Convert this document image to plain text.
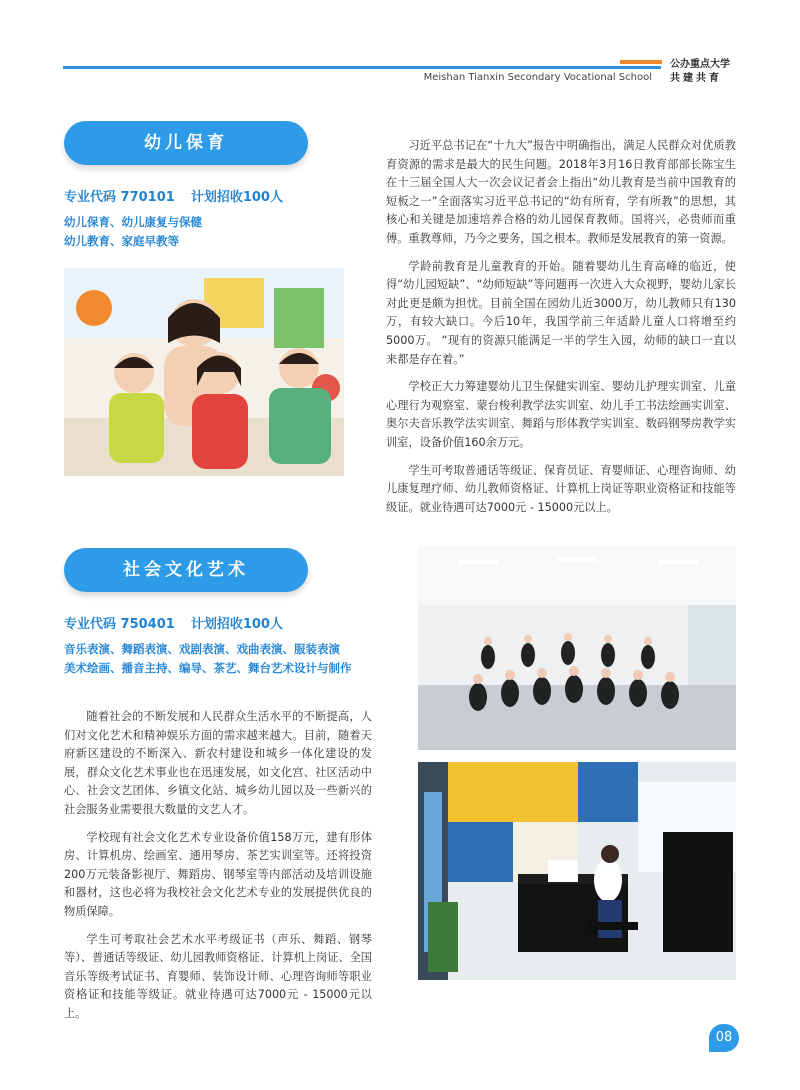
Meishan Tianxin Secondary Vocational School
公办重点大学
共建共育
幼儿保育
专业代码 770101 计划招收100人
幼儿保育、幼儿康复与保健
幼儿教育、家庭早教等

习近平总书记在“十九大”报告中明确指出，满足人民群众对优质教育资源的需求是最大的民生问题。2018年3月16日教育部部长陈宝生在十三届全国人大一次会议记者会上指出“幼儿教育是当前中国教育的短板之一”全面落实习近平总书记的“幼有所育，学有所教”的思想，其核心和关键是加速培养合格的幼儿园保育教师。国将兴，必贵师而重傅。重教尊师，乃今之要务，国之根本。教师是发展教育的第一资源。

学龄前教育是儿童教育的开始。随着婴幼儿生育高峰的临近，使得“幼儿园短缺”、“幼师短缺”等问题再一次进入大众视野，婴幼儿家长对此更是颇为担忧。目前全国在园幼儿近3000万，幼儿教师只有130万，有较大缺口。今后10年，我国学前三年适龄儿童人口将增至约5000万。 “现有的资源只能满足一半的学生入园，幼师的缺口一直以来都是存在着。”

学校正大力筹建婴幼儿卫生保健实训室、婴幼儿护理实训室、儿童心理行为观察室、蒙台梭利教学法实训室、幼儿手工书法绘画实训室、奥尔夫音乐教学法实训室、舞蹈与形体教学实训室、数码钢琴房教学实训室，设备价值160余万元。

学生可考取普通话等级证、保育员证、育婴师证、心理咨询师、幼儿康复理疗师、幼儿教师资格证、计算机上岗证等职业资格证和技能等级证。就业待遇可达7000元 - 15000元以上。

社会文化艺术
专业代码 750401 计划招收100人
音乐表演、舞蹈表演、戏剧表演、戏曲表演、服装表演
美术绘画、播音主持、编导、茶艺、舞台艺术设计与制作

随着社会的不断发展和人民群众生活水平的不断提高，人们对文化艺术和精神娱乐方面的需求越来越大。目前，随着天府新区建设的不断深入、新农村建设和城乡一体化建设的发展，群众文化艺术事业也在迅速发展，如文化宫、社区活动中心、社会文艺团体、乡镇文化站、城乡幼儿园以及一些新兴的社会服务业需要很大数量的文艺人才。

学校现有社会文化艺术专业设备价值158万元，建有形体房、计算机房、绘画室、通用琴房、茶艺实训室等。还将投资200万元装备影视厅、舞蹈房、钢琴室等内部活动及培训设施和器材，这也必将为我校社会文化艺术专业的发展提供优良的物质保障。

学生可考取社会艺术水平考级证书（声乐、舞蹈、钢琴等）、普通话等级证、幼儿园教师资格证、计算机上岗证、全国音乐等级考试证书、育婴师、装饰设计师、心理咨询师等职业资格证和技能等级证。就业待遇可达7000元 - 15000元以上。

08
